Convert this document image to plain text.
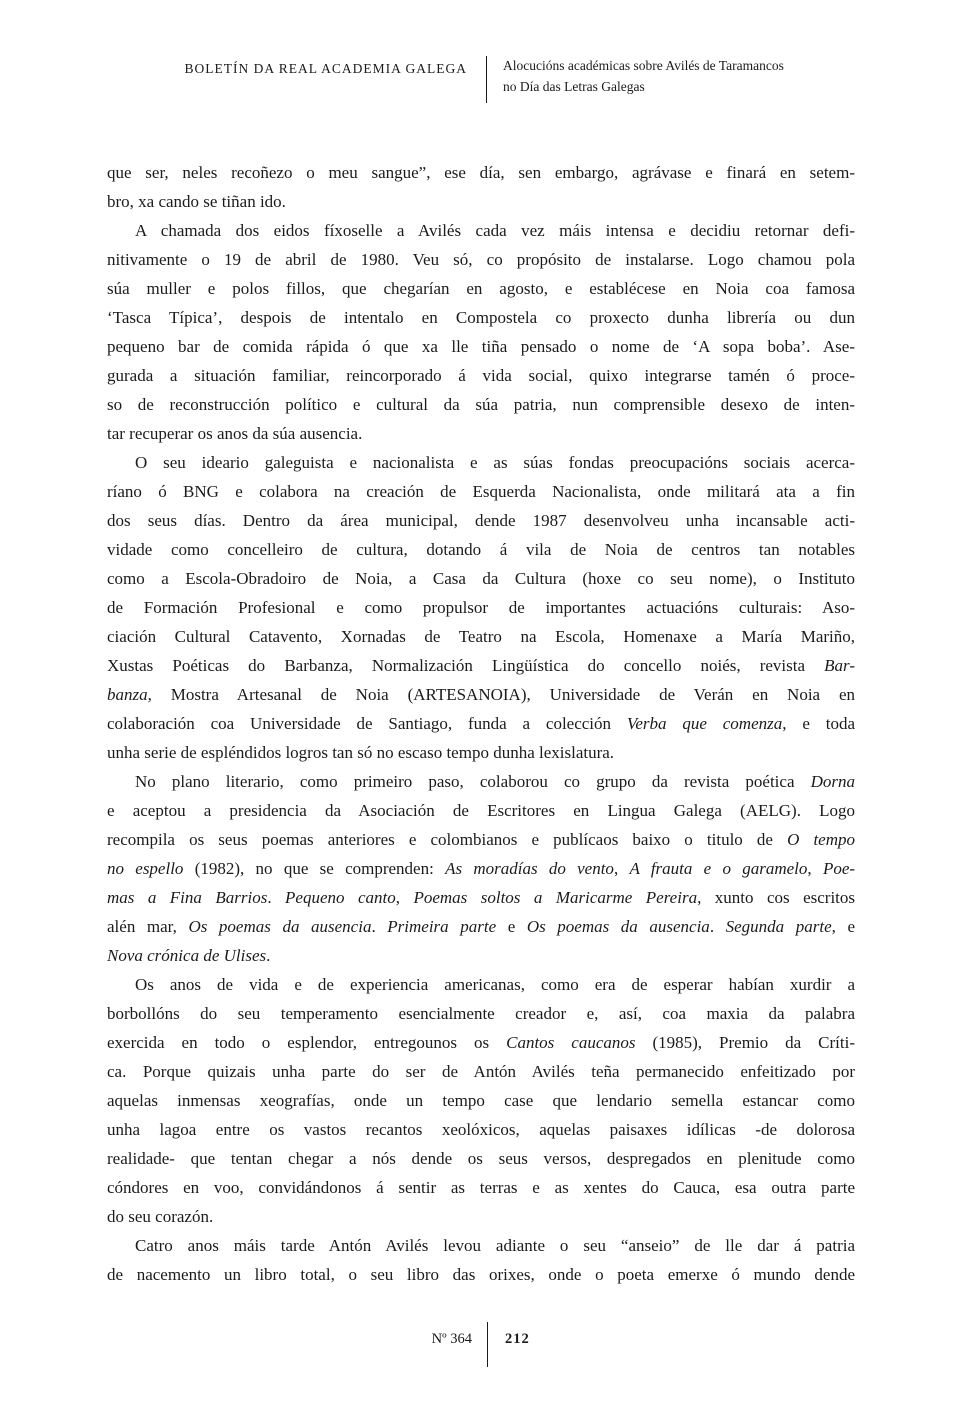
BOLETÍN DA REAL ACADEMIA GALEGA	Alocucións académicas sobre Avilés de Taramancos
no Día das Letras Galegas
que ser, neles recoñezo o meu sangue”, ese día, sen embargo, agrávase e finará en setem-
bro, xa cando se tiñan ido.
A chamada dos eidos fíxoselle a Avilés cada vez máis intensa e decidiu retornar defi-
nitivamente o 19 de abril de 1980. Veu só, co propósito de instalarse. Logo chamou pola
súa muller e polos fillos, que chegarían en agosto, e establécese en Noia coa famosa
‘Tasca Típica’, despois de intentalo en Compostela co proxecto dunha librería ou dun
pequeno bar de comida rápida ó que xa lle tiña pensado o nome de ‘A sopa boba’. Ase-
gurada a situación familiar, reincorporado á vida social, quixo integrarse tamén ó proce-
so de reconstrucción político e cultural da súa patria, nun comprensible desexo de inten-
tar recuperar os anos da súa ausencia.
O seu ideario galeguista e nacionalista e as súas fondas preocupacións sociais acerca-
ríano ó BNG e colabora na creación de Esquerda Nacionalista, onde militará ata a fin
dos seus días. Dentro da área municipal, dende 1987 desenvolveu unha incansable acti-
vidade como concelleiro de cultura, dotando á vila de Noia de centros tan notables
como a Escola-Obradoiro de Noia, a Casa da Cultura (hoxe co seu nome), o Instituto
de Formación Profesional e como propulsor de importantes actuacións culturais: Aso-
ciación Cultural Catavento, Xornadas de Teatro na Escola, Homenaxe a María Mariño,
Xustas Poéticas do Barbanza, Normalización Lingüística do concello noiés, revista Bar-
banza, Mostra Artesanal de Noia (ARTESANOIA), Universidade de Verán en Noia en
colaboración coa Universidade de Santiago, funda a colección Verba que comenza, e toda
unha serie de espléndidos logros tan só no escaso tempo dunha lexislatura.
No plano literario, como primeiro paso, colaborou co grupo da revista poética Dorna
e aceptou a presidencia da Asociación de Escritores en Lingua Galega (AELG). Logo
recompila os seus poemas anteriores e colombianos e publícaos baixo o titulo de O tempo
no espello (1982), no que se comprenden: As moradías do vento, A frauta e o garamelo, Poe-
mas a Fina Barrios. Pequeno canto, Poemas soltos a Maricarme Pereira, xunto cos escritos
alén mar, Os poemas da ausencia. Primeira parte e Os poemas da ausencia. Segunda parte, e
Nova crónica de Ulises.
Os anos de vida e de experiencia americanas, como era de esperar habían xurdir a
borbollóns do seu temperamento esencialmente creador e, así, coa maxia da palabra
exercida en todo o esplendor, entregounos os Cantos caucanos (1985), Premio da Críti-
ca. Porque quizais unha parte do ser de Antón Avilés teña permanecido enfeitizado por
aquelas inmensas xeografías, onde un tempo case que lendario semella estancar como
unha lagoa entre os vastos recantos xeolóxicos, aquelas paisaxes idílicas -de dolorosa
realidade- que tentan chegar a nós dende os seus versos, despregados en plenitude como
cóndores en voo, convidándonos á sentir as terras e as xentes do Cauca, esa outra parte
do seu corazón.
Catro anos máis tarde Antón Avilés levou adiante o seu “anseio” de lle dar á patria
de nacemento un libro total, o seu libro das orixes, onde o poeta emerxe ó mundo dende
Nº 364 212
